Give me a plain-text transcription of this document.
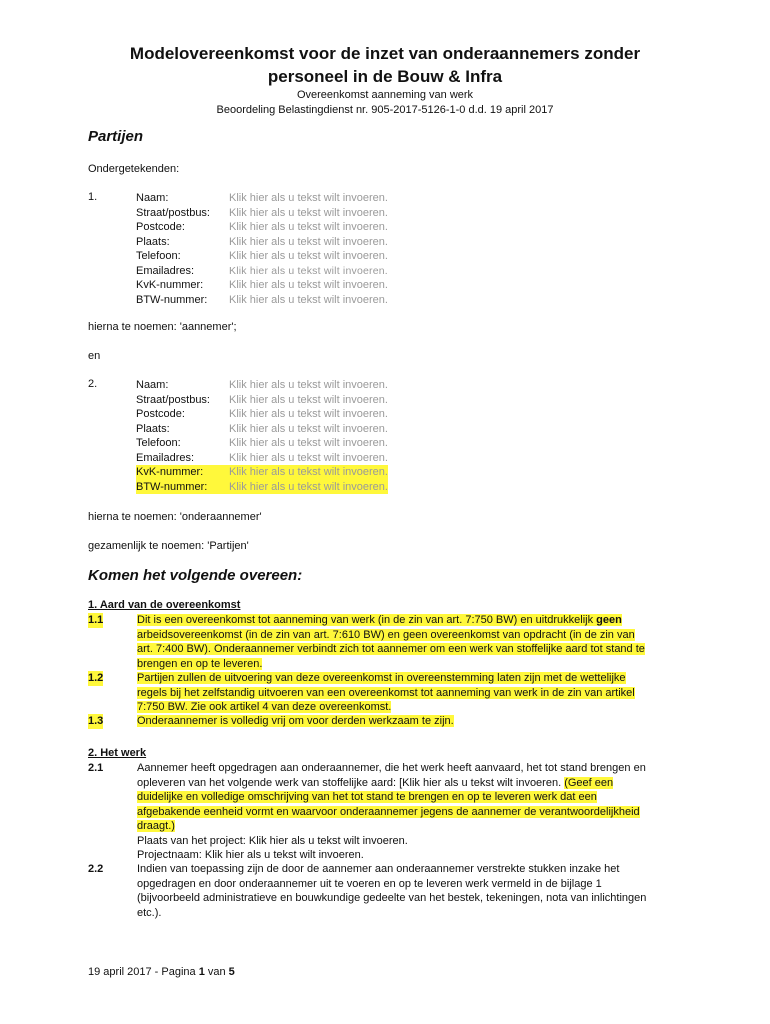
Modelovereenkomst voor de inzet van onderaannemers zonder
personeel in de Bouw & Infra
Overeenkomst aanneming van werk
Beoordeling Belastingdienst nr. 905-2017-5126-1-0 d.d. 19 april 2017
Partijen
Ondergetekenden:
1.	Naam:	Klik hier als u tekst wilt invoeren.
Straat/postbus:	Klik hier als u tekst wilt invoeren.
Postcode:	Klik hier als u tekst wilt invoeren.
Plaats:	Klik hier als u tekst wilt invoeren.
Telefoon:	Klik hier als u tekst wilt invoeren.
Emailadres:	Klik hier als u tekst wilt invoeren.
KvK-nummer:	Klik hier als u tekst wilt invoeren.
BTW-nummer:	Klik hier als u tekst wilt invoeren.
hierna te noemen: 'aannemer';
en
2.	Naam:	Klik hier als u tekst wilt invoeren.
Straat/postbus:	Klik hier als u tekst wilt invoeren.
Postcode:	Klik hier als u tekst wilt invoeren.
Plaats:	Klik hier als u tekst wilt invoeren.
Telefoon:	Klik hier als u tekst wilt invoeren.
Emailadres:	Klik hier als u tekst wilt invoeren.
KvK-nummer:	Klik hier als u tekst wilt invoeren.
BTW-nummer:	Klik hier als u tekst wilt invoeren.
hierna te noemen: 'onderaannemer'
gezamenlijk te noemen: 'Partijen'
Komen het volgende overeen:
1. Aard van de overeenkomst
1.1	Dit is een overeenkomst tot aanneming van werk (in de zin van art. 7:750 BW) en uitdrukkelijk geen
arbeidsovereenkomst (in de zin van art. 7:610 BW) en geen overeenkomst van opdracht (in de zin van
art. 7:400 BW). Onderaannemer verbindt zich tot aannemer om een werk van stoffelijke aard tot stand te
brengen en op te leveren.
1.2	Partijen zullen de uitvoering van deze overeenkomst in overeenstemming laten zijn met de wettelijke
regels bij het zelfstandig uitvoeren van een overeenkomst tot aanneming van werk in de zin van artikel
7:750 BW. Zie ook artikel 4 van deze overeenkomst.
1.3	Onderaannemer is volledig vrij om voor derden werkzaam te zijn.
2. Het werk
2.1	Aannemer heeft opgedragen aan onderaannemer, die het werk heeft aanvaard, het tot stand brengen en
opleveren van het volgende werk van stoffelijke aard: [Klik hier als u tekst wilt invoeren. (Geef een
duidelijke en volledige omschrijving van het tot stand te brengen en op te leveren werk dat een
afgebakende eenheid vormt en waarvoor onderaannemer jegens de aannemer de verantwoordelijkheid
draagt.)
Plaats van het project: Klik hier als u tekst wilt invoeren.
Projectnaam: Klik hier als u tekst wilt invoeren.
2.2	Indien van toepassing zijn de door de aannemer aan onderaannemer verstrekte stukken inzake het
opgedragen en door onderaannemer uit te voeren en op te leveren werk vermeld in de bijlage 1
(bijvoorbeeld administratieve en bouwkundige gedeelte van het bestek, tekeningen, nota van inlichtingen
etc.).
19 april 2017 - Pagina 1 van 5
